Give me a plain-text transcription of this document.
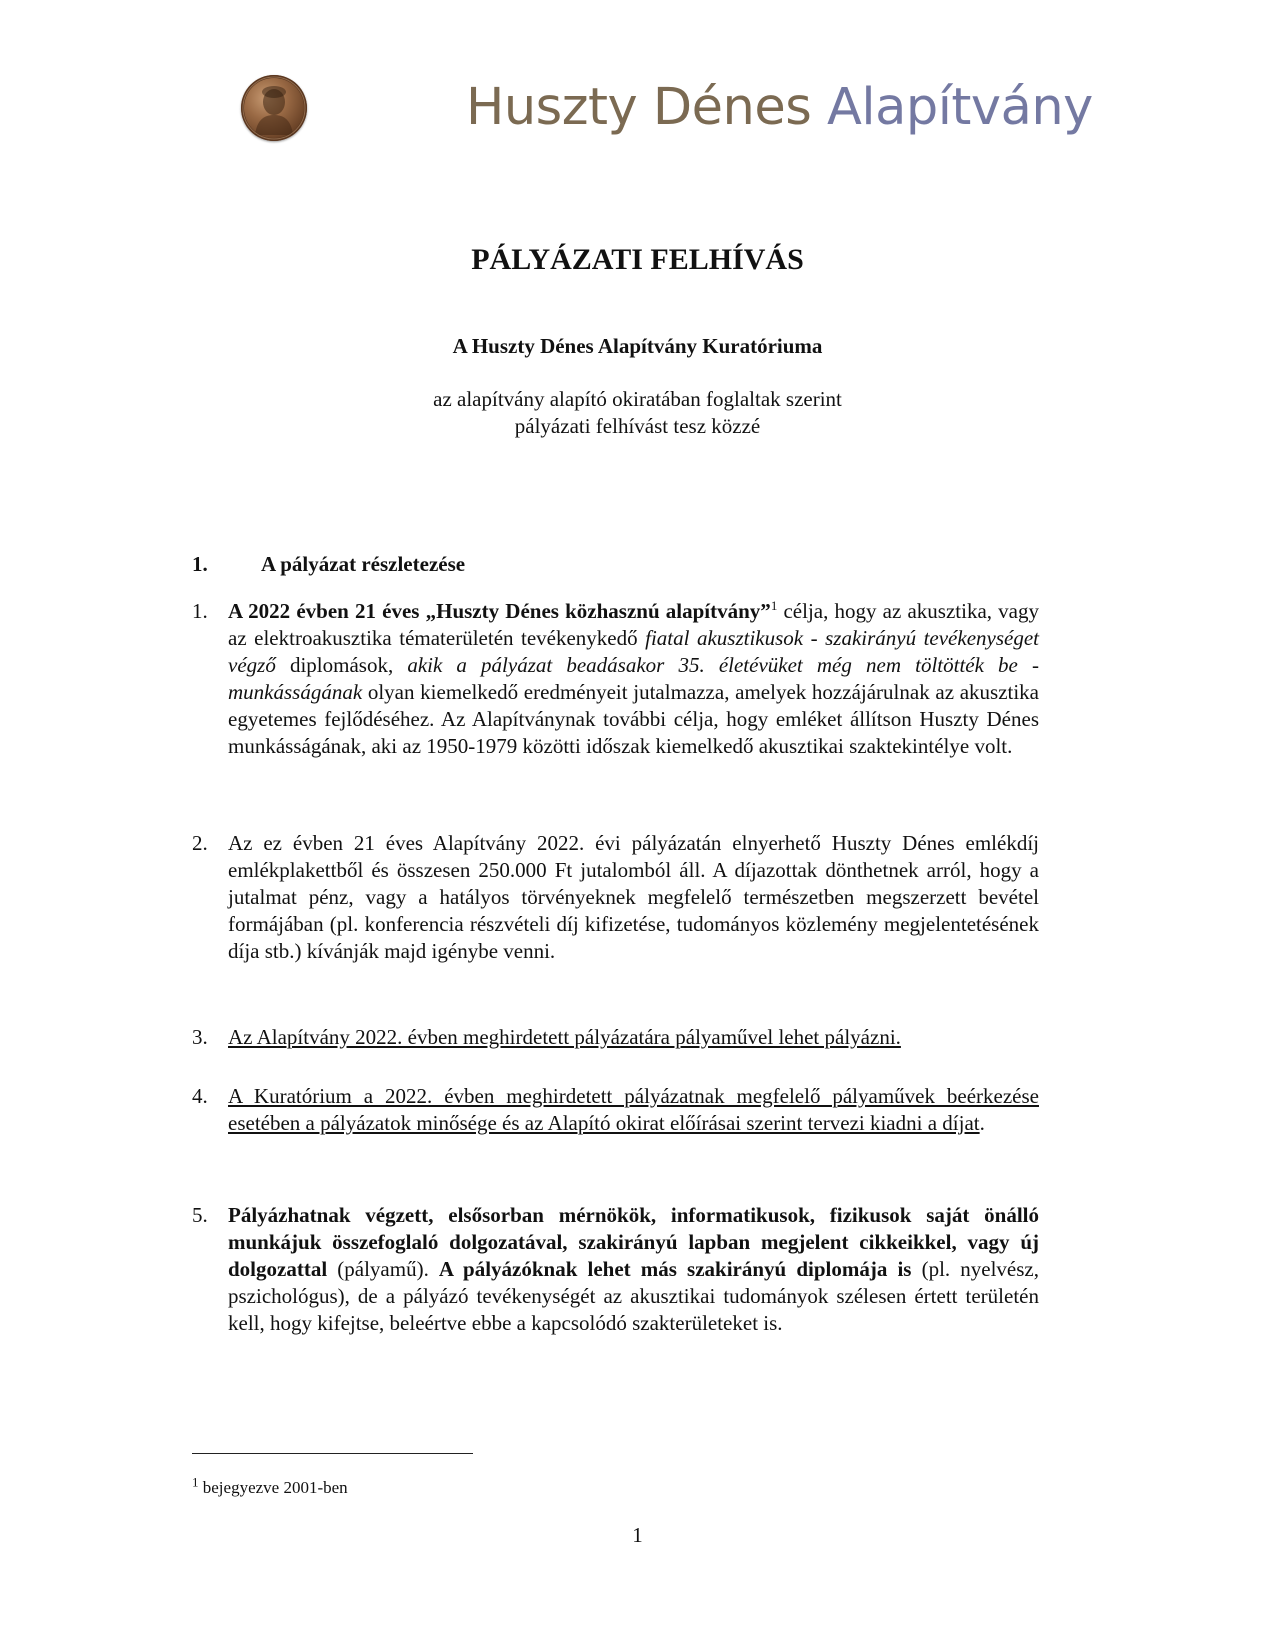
Huszty Dénes Alapítvány
PÁLYÁZATI FELHÍVÁS
A Huszty Dénes Alapítvány Kuratóriuma
az alapítvány alapító okiratában foglaltak szerint
pályázati felhívást tesz közzé
1.	A pályázat részletezése
1. A 2022 évben 21 éves „Huszty Dénes közhasznú alapítvány”$^1$ célja, hogy az akusztika, vagy az elektroakusztika tématerületén tevékenykedő fiatal akusztikusok - szakirányú tevékenységet végző diplomások, akik a pályázat beadásakor 35. életévüket még nem töltötték be - munkásságának olyan kiemelkedő eredményeit jutalmazza, amelyek hozzájárulnak az akusztika egyetemes fejlődéséhez. Az Alapítványnak további célja, hogy emléket állítson Huszty Dénes munkásságának, aki az 1950-1979 közötti időszak kiemelkedő akusztikai szaktekintélye volt.
2. Az ez évben 21 éves Alapítvány 2022. évi pályázatán elnyerhető Huszty Dénes emlékdíj emlékplakettből és összesen 250.000 Ft jutalomból áll. A díjazottak dönthetnek arról, hogy a jutalmat pénz, vagy a hatályos törvényeknek megfelelő természetben megszerzett bevétel formájában (pl. konferencia részvételi díj kifizetése, tudományos közlemény megjelentetésének díja stb.) kívánják majd igénybe venni.
3. Az Alapítvány 2022. évben meghirdetett pályázatára pályaművel lehet pályázni.
4. A Kuratórium a 2022. évben meghirdetett pályázatnak megfelelő pályaművek beérkezése esetében a pályázatok minősége és az Alapító okirat előírásai szerint tervezi kiadni a díjat.
5. Pályázhatnak végzett, elsősorban mérnökök, informatikusok, fizikusok saját önálló munkájuk összefoglaló dolgozatával, szakirányú lapban megjelent cikkeikkel, vagy új dolgozattal (pályamű). A pályázóknak lehet más szakirányú diplomája is (pl. nyelvész, pszichológus), de a pályázó tevékenységét az akusztikai tudományok szélesen értett területén kell, hogy kifejtse, beleértve ebbe a kapcsolódó szakterületeket is.
$^1$ bejegyezve 2001-ben
1
